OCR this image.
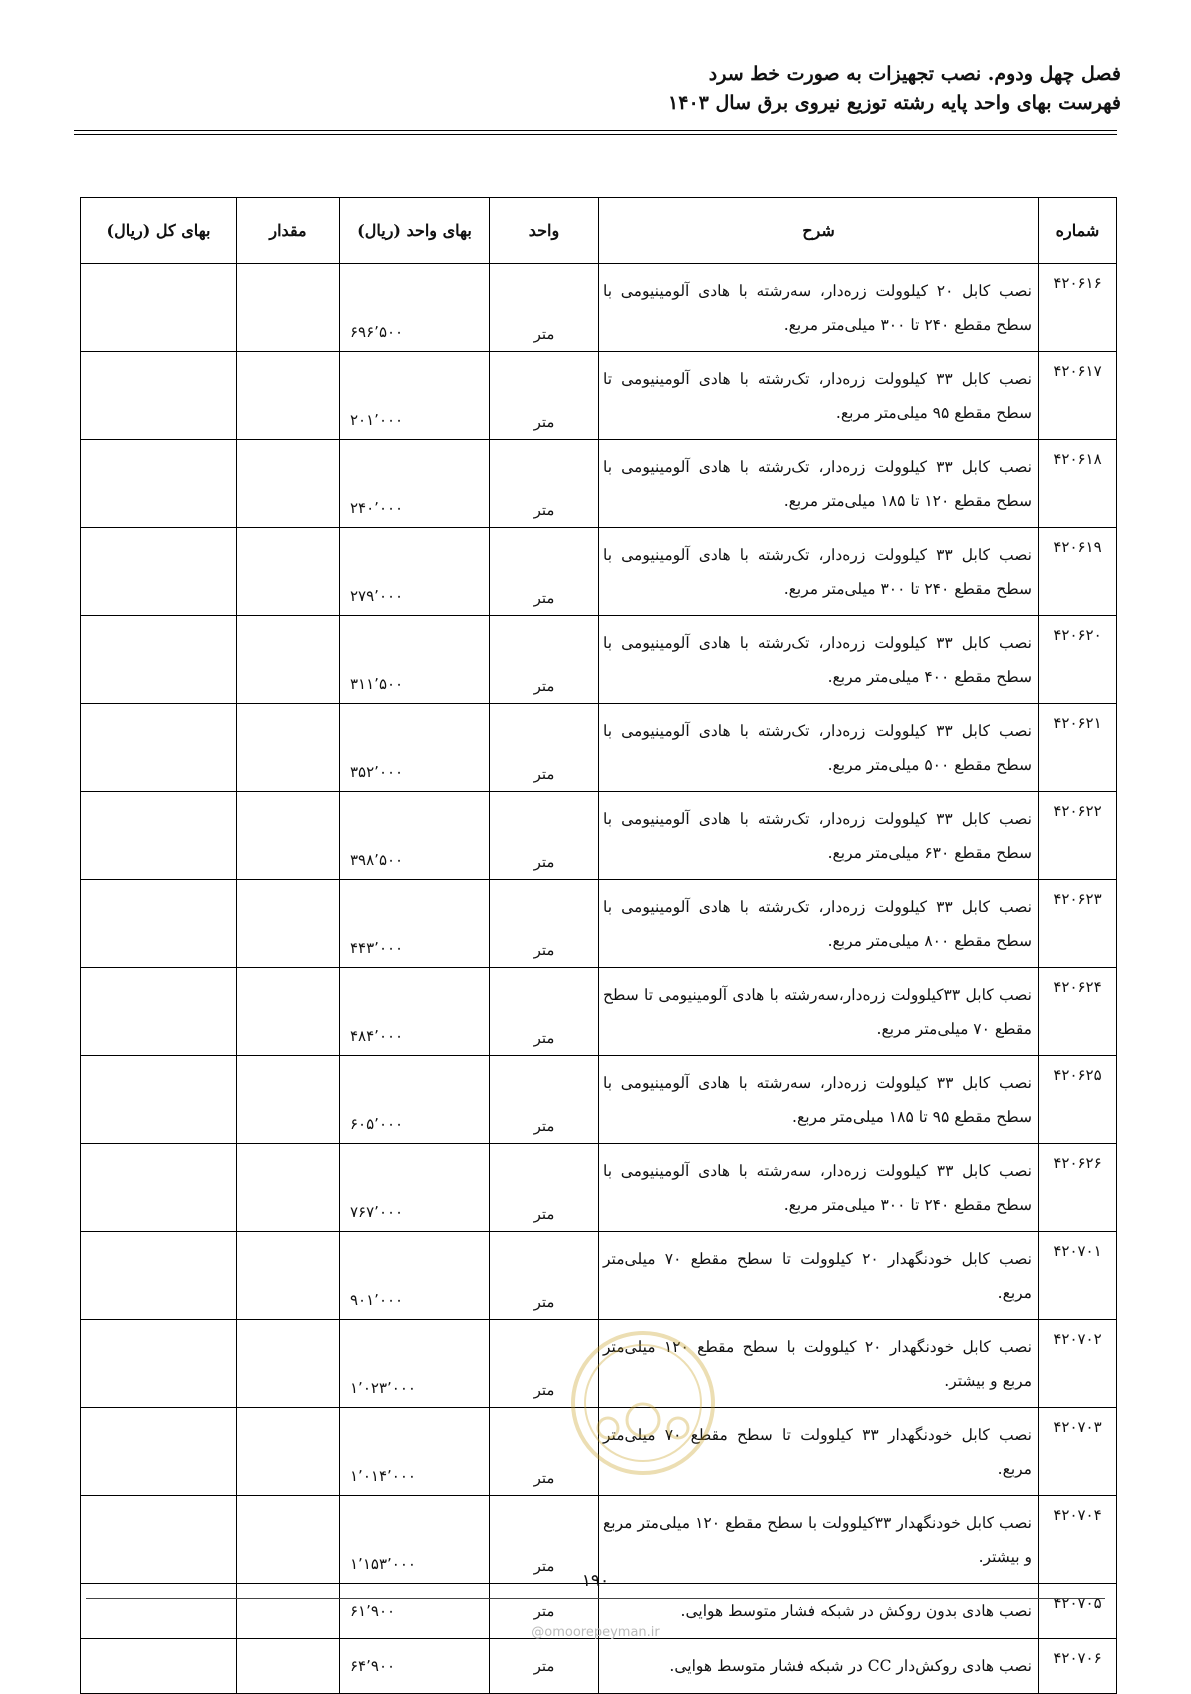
فصل چهل ودوم. نصب تجهیزات به صورت خط سرد
فهرست بهای واحد پایه رشته توزیع نیروی برق سال ۱۴۰۳
شماره	شرح	واحد	بهای واحد (ریال)	مقدار	بهای کل (ریال)
۴۲۰۶۱۶	نصب کابل ۲۰ کیلوولت زره‌دار، سه‌رشته با هادی آلومینیومی با سطح مقطع ۲۴۰ تا ۳۰۰ میلی‌متر مربع.	متر	۶۹۶٬۵۰۰		
۴۲۰۶۱۷	نصب کابل ۳۳ کیلوولت زره‌دار، تک‌رشته با هادی آلومینیومی تا سطح مقطع ۹۵ میلی‌متر مربع.	متر	۲۰۱٬۰۰۰		
۴۲۰۶۱۸	نصب کابل ۳۳ کیلوولت زره‌دار، تک‌رشته با هادی آلومینیومی با سطح مقطع ۱۲۰ تا ۱۸۵ میلی‌متر مربع.	متر	۲۴۰٬۰۰۰		
۴۲۰۶۱۹	نصب کابل ۳۳ کیلوولت زره‌دار، تک‌رشته با هادی آلومینیومی با سطح مقطع ۲۴۰ تا ۳۰۰ میلی‌متر مربع.	متر	۲۷۹٬۰۰۰		
۴۲۰۶۲۰	نصب کابل ۳۳ کیلوولت زره‌دار، تک‌رشته با هادی آلومینیومی با سطح مقطع ۴۰۰ میلی‌متر مربع.	متر	۳۱۱٬۵۰۰		
۴۲۰۶۲۱	نصب کابل ۳۳ کیلوولت زره‌دار، تک‌رشته با هادی آلومینیومی با سطح مقطع ۵۰۰ میلی‌متر مربع.	متر	۳۵۲٬۰۰۰		
۴۲۰۶۲۲	نصب کابل ۳۳ کیلوولت زره‌دار، تک‌رشته با هادی آلومینیومی با سطح مقطع ۶۳۰ میلی‌متر مربع.	متر	۳۹۸٬۵۰۰		
۴۲۰۶۲۳	نصب کابل ۳۳ کیلوولت زره‌دار، تک‌رشته با هادی آلومینیومی با سطح مقطع ۸۰۰ میلی‌متر مربع.	متر	۴۴۳٬۰۰۰		
۴۲۰۶۲۴	نصب کابل ۳۳کیلوولت زره‌دار،سه‌رشته با هادی آلومینیومی تا سطح مقطع ۷۰ میلی‌متر مربع.	متر	۴۸۴٬۰۰۰		
۴۲۰۶۲۵	نصب کابل ۳۳ کیلوولت زره‌دار، سه‌رشته با هادی آلومینیومی با سطح مقطع ۹۵ تا ۱۸۵ میلی‌متر مربع.	متر	۶۰۵٬۰۰۰		
۴۲۰۶۲۶	نصب کابل ۳۳ کیلوولت زره‌دار، سه‌رشته با هادی آلومینیومی با سطح مقطع ۲۴۰ تا ۳۰۰ میلی‌متر مربع.	متر	۷۶۷٬۰۰۰		
۴۲۰۷۰۱	نصب کابل خودنگهدار ۲۰ کیلوولت تا سطح مقطع ۷۰ میلی‌متر مربع.	متر	۹۰۱٬۰۰۰		
۴۲۰۷۰۲	نصب کابل خودنگهدار ۲۰ کیلوولت با سطح مقطع ۱۲۰ میلی‌متر مربع و بیشتر.	متر	۱٬۰۲۳٬۰۰۰		
۴۲۰۷۰۳	نصب کابل خودنگهدار ۳۳ کیلوولت تا سطح مقطع ۷۰ میلی‌متر مربع.	متر	۱٬۰۱۴٬۰۰۰		
۴۲۰۷۰۴	نصب کابل خودنگهدار ۳۳کیلوولت با سطح مقطع ۱۲۰ میلی‌متر مربع و بیشتر.	متر	۱٬۱۵۳٬۰۰۰		
۴۲۰۷۰۵	نصب هادی بدون روکش در شبکه فشار متوسط هوایی.	متر	۶۱٬۹۰۰		
۴۲۰۷۰۶	نصب هادی روکش‌دار CC در شبکه فشار متوسط هوایی.	متر	۶۴٬۹۰۰		
۱۹۰
@omoorepeyman.ir
